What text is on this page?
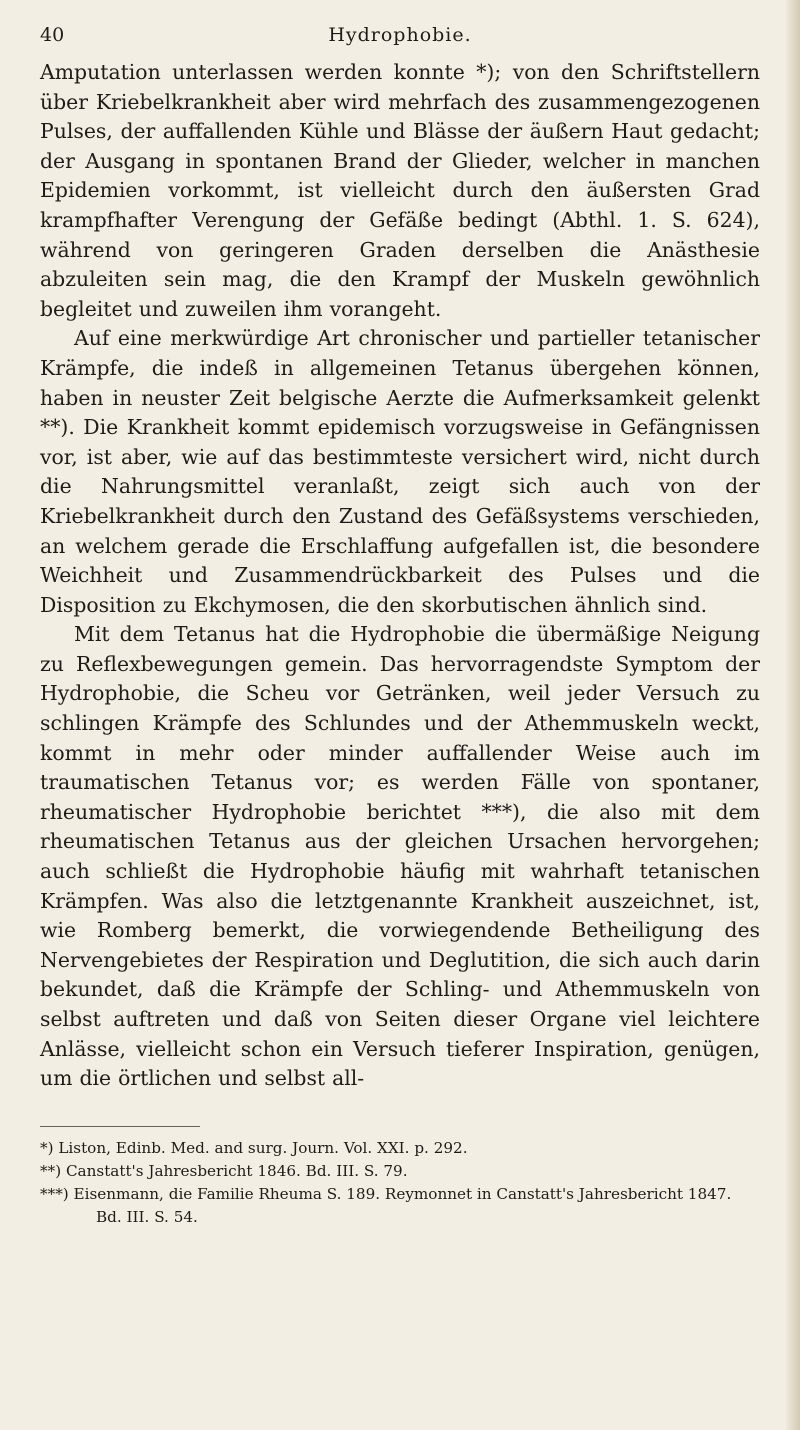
40	Hydrophobie.

Amputation unterlassen werden konnte *); von den Schriftstellern über Kriebelkrankheit aber wird mehrfach des zusammengezogenen Pulses, der auffallenden Kühle und Blässe der äußern Haut gedacht; der Ausgang in spontanen Brand der Glieder, welcher in manchen Epidemien vorkommt, ist vielleicht durch den äußersten Grad krampfhafter Verengung der Gefäße bedingt (Abthl. 1. S. 624), während von geringeren Graden derselben die Anästhesie abzuleiten sein mag, die den Krampf der Muskeln gewöhnlich begleitet und zuweilen ihm vorangeht.

Auf eine merkwürdige Art chronischer und partieller tetanischer Krämpfe, die indeß in allgemeinen Tetanus übergehen können, haben in neuster Zeit belgische Aerzte die Aufmerksamkeit gelenkt **). Die Krankheit kommt epidemisch vorzugsweise in Gefängnissen vor, ist aber, wie auf das bestimmteste versichert wird, nicht durch die Nahrungsmittel veranlaßt, zeigt sich auch von der Kriebelkrankheit durch den Zustand des Gefäßsystems verschieden, an welchem gerade die Erschlaffung aufgefallen ist, die besondere Weichheit und Zusammendrückbarkeit des Pulses und die Disposition zu Ekchymosen, die den skorbutischen ähnlich sind.

Mit dem Tetanus hat die Hydrophobie die übermäßige Neigung zu Reflexbewegungen gemein. Das hervorragendste Symptom der Hydrophobie, die Scheu vor Getränken, weil jeder Versuch zu schlingen Krämpfe des Schlundes und der Athemmuskeln weckt, kommt in mehr oder minder auffallender Weise auch im traumatischen Tetanus vor; es werden Fälle von spontaner, rheumatischer Hydrophobie berichtet ***), die also mit dem rheumatischen Tetanus aus der gleichen Ursachen hervorgehen; auch schließt die Hydrophobie häufig mit wahrhaft tetanischen Krämpfen. Was also die letztgenannte Krankheit auszeichnet, ist, wie Romberg bemerkt, die vorwiegendende Betheiligung des Nervengebietes der Respiration und Deglutition, die sich auch darin bekundet, daß die Krämpfe der Schling- und Athemmuskeln von selbst auftreten und daß von Seiten dieser Organe viel leichtere Anlässe, vielleicht schon ein Versuch tieferer Inspiration, genügen, um die örtlichen und selbst all-

*) Liston, Edinb. Med. and surg. Journ. Vol. XXI. p. 292.

**) Canstatt's Jahresbericht 1846. Bd. III. S. 79.

***) Eisenmann, die Familie Rheuma S. 189. Reymonnet in Canstatt's Jahresbericht 1847. Bd. III. S. 54.
